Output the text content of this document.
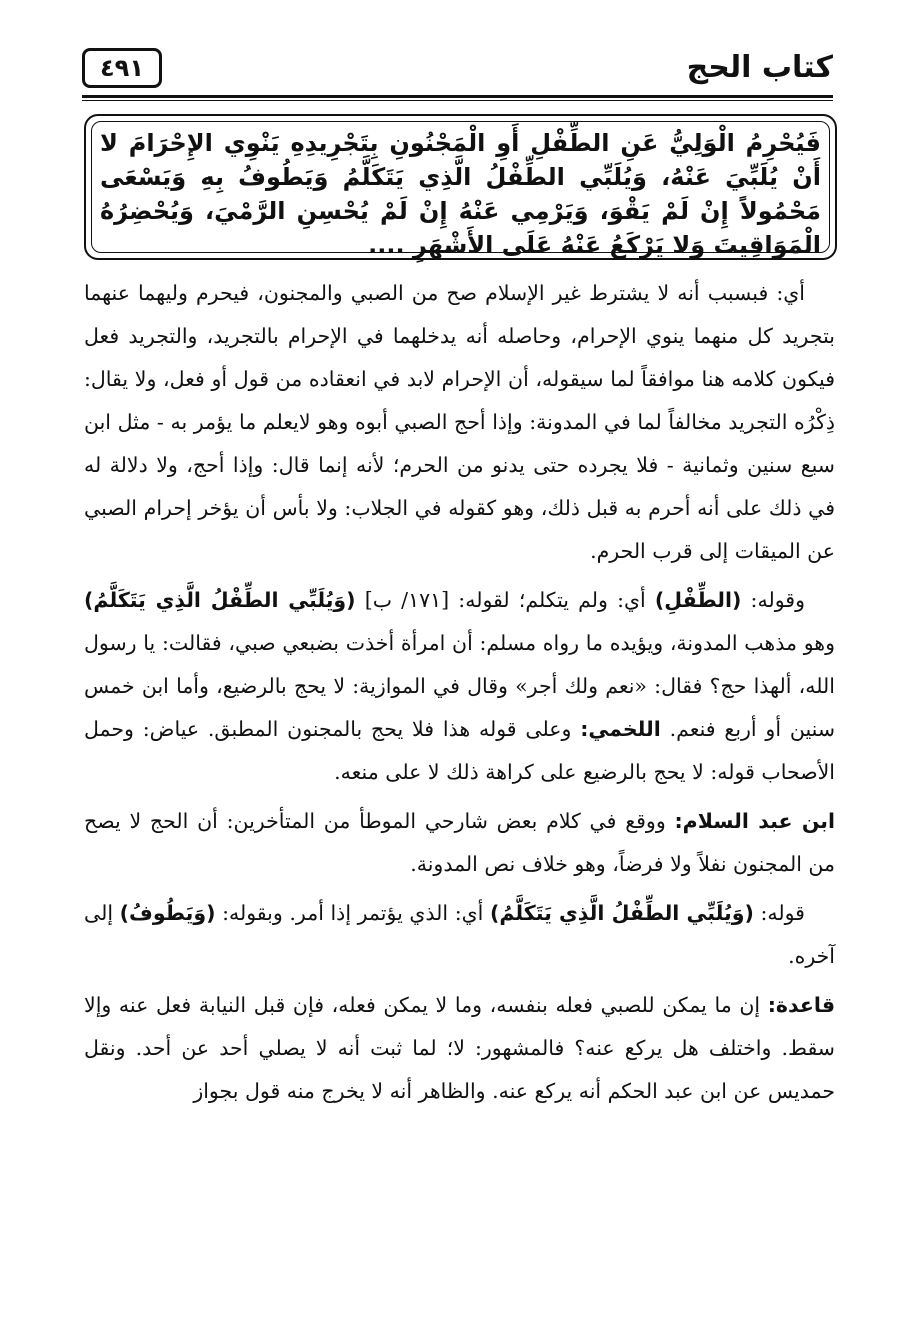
كتاب الحج
٤٩١
فَيُحْرِمُ الْوَلِيُّ عَنِ الطِّفْلِ أَوِ الْمَجْنُونِ بِتَجْرِيدِهِ يَنْوِي الإِحْرَامَ لا أَنْ يُلَبِّيَ عَنْهُ، وَيُلَبِّي الطِّفْلُ الَّذِي يَتَكَلَّمُ وَيَطُوفُ بِهِ وَيَسْعَى مَحْمُولاً إِنْ لَمْ يَقْوَ، وَيَرْمِي عَنْهُ إِنْ لَمْ يُحْسِنِ الرَّمْيَ، وَيُحْضِرُهُ الْمَوَاقِيتَ وَلا يَرْكَعُ عَنْهُ عَلَى الأَشْهَرِ ....

أي: فبسبب أنه لا يشترط غير الإسلام صح من الصبي والمجنون، فيحرم وليهما عنهما بتجريد كل منهما ينوي الإحرام، وحاصله أنه يدخلهما في الإحرام بالتجريد، والتجريد فعل فيكون كلامه هنا موافقاً لما سيقوله، أن الإحرام لابد في انعقاده من قول أو فعل، ولا يقال: ذِكْرُه التجريد مخالفاً لما في المدونة: وإذا أحج الصبي أبوه وهو لايعلم ما يؤمر به - مثل ابن سبع سنين وثمانية - فلا يجرده حتى يدنو من الحرم؛ لأنه إنما قال: وإذا أحج، ولا دلالة له في ذلك على أنه أحرم به قبل ذلك، وهو كقوله في الجلاب: ولا بأس أن يؤخر إحرام الصبي عن الميقات إلى قرب الحرم.

وقوله: (الطِّفْلِ) أي: ولم يتكلم؛ لقوله: [١٧١/ ب] (وَيُلَبِّي الطِّفْلُ الَّذِي يَتَكَلَّمُ) وهو مذهب المدونة، ويؤيده ما رواه مسلم: أن امرأة أخذت بضبعي صبي، فقالت: يا رسول الله، ألهذا حج؟ فقال: «نعم ولك أجر» وقال في الموازية: لا يحج بالرضيع، وأما ابن خمس سنين أو أربع فنعم. اللخمي: وعلى قوله هذا فلا يحج بالمجنون المطبق. عياض: وحمل الأصحاب قوله: لا يحج بالرضيع على كراهة ذلك لا على منعه.

ابن عبد السلام: ووقع في كلام بعض شارحي الموطأ من المتأخرين: أن الحج لا يصح من المجنون نفلاً ولا فرضاً، وهو خلاف نص المدونة.

قوله: (وَيُلَبِّي الطِّفْلُ الَّذِي يَتَكَلَّمُ) أي: الذي يؤتمر إذا أمر. وبقوله: (وَيَطُوفُ) إلى آخره.

قاعدة: إن ما يمكن للصبي فعله بنفسه، وما لا يمكن فعله، فإن قبل النيابة فعل عنه وإلا سقط. واختلف هل يركع عنه؟ فالمشهور: لا؛ لما ثبت أنه لا يصلي أحد عن أحد. ونقل حمديس عن ابن عبد الحكم أنه يركع عنه. والظاهر أنه لا يخرج منه قول بجواز
